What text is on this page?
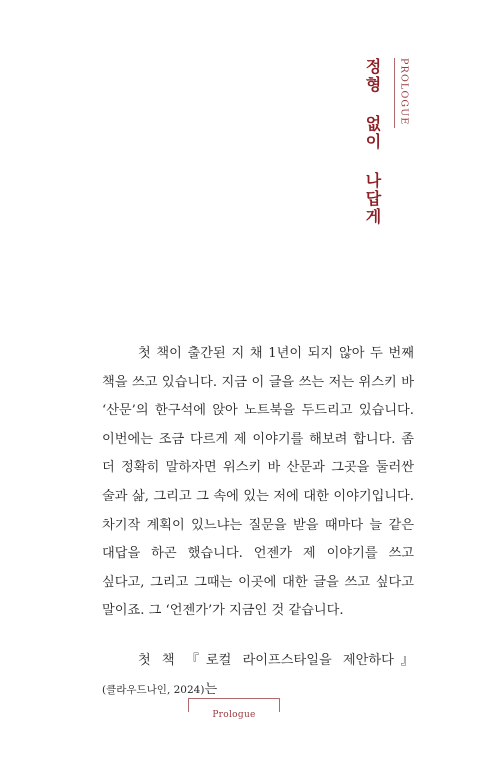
정형 없이 나답게	PROLOGUE

첫 책이 출간된 지 채 1년이 되지 않아 두 번째 책을 쓰고 있습니다. 지금 이 글을 쓰는 저는 위스키 바 ‘산문’의 한구석에 앉아 노트북을 두드리고 있습니다. 이번에는 조금 다르게 제 이야기를 해보려 합니다. 좀 더 정확히 말하자면 위스키 바 산문과 그곳을 둘러싼 술과 삶, 그리고 그 속에 있는 저에 대한 이야기입니다. 차기작 계획이 있느냐는 질문을 받을 때마다 늘 같은 대답을 하곤 했습니다. 언젠가 제 이야기를 쓰고 싶다고, 그리고 그때는 이곳에 대한 글을 쓰고 싶다고 말이죠. 그 ‘언젠가’가 지금인 것 같습니다.

첫 책 『로컬 라이프스타일을 제안하다』(클라우드나인, 2024)는

Prologue
